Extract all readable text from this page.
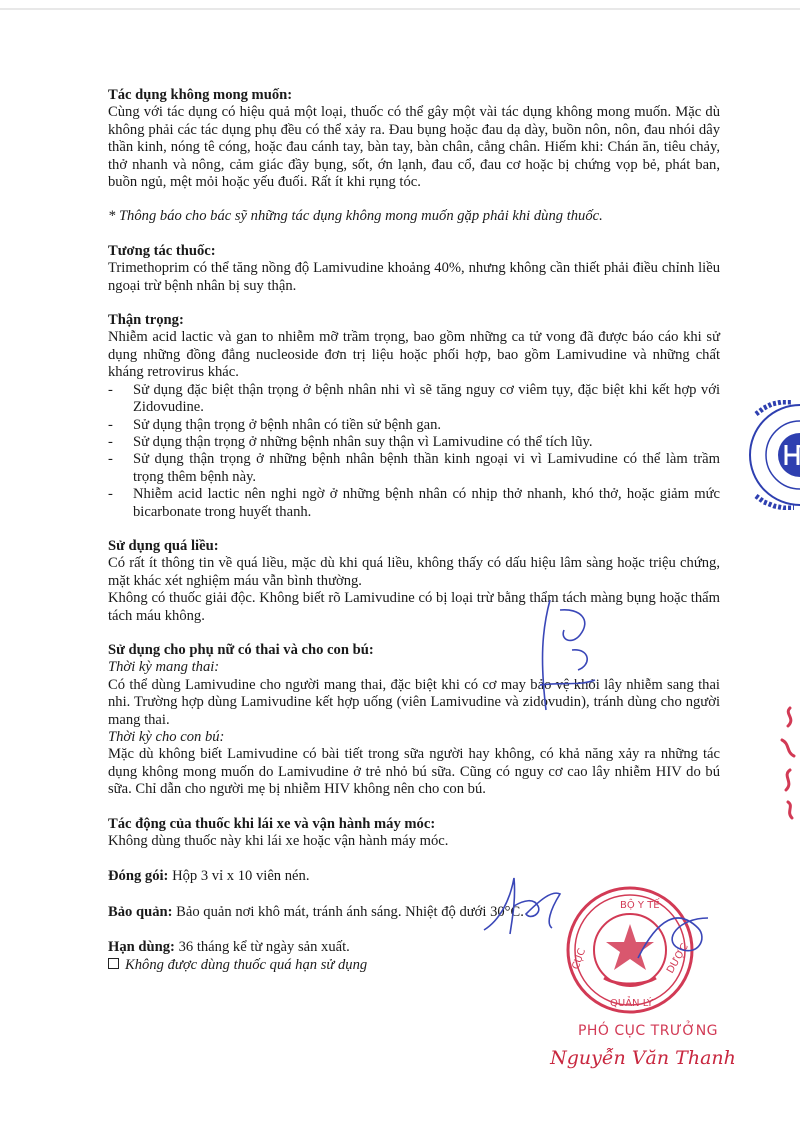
Tác dụng không mong muốn:

Cùng với tác dụng có hiệu quả một loại, thuốc có thể gây một vài tác dụng không mong muốn. Mặc dù không phải các tác dụng phụ đều có thể xảy ra. Đau bụng hoặc đau dạ dày, buồn nôn, nôn, đau nhói dây thần kinh, nóng tê cóng, hoặc đau cánh tay, bàn tay, bàn chân, cẳng chân. Hiếm khi: Chán ăn, tiêu chảy, thở nhanh và nông, cảm giác đầy bụng, sốt, ớn lạnh, đau cổ, đau cơ hoặc bị chứng vọp bẻ, phát ban, buồn ngủ, mệt mỏi hoặc yếu đuối. Rất ít khi rụng tóc.

* Thông báo cho bác sỹ những tác dụng không mong muốn gặp phải khi dùng thuốc.

Tương tác thuốc:

Trimethoprim có thể tăng nồng độ Lamivudine khoảng 40%, nhưng không cần thiết phải điều chỉnh liều ngoại trừ bệnh nhân bị suy thận.

Thận trọng:

Nhiễm acid lactic và gan to nhiễm mỡ trầm trọng, bao gồm những ca tử vong đã được báo cáo khi sử dụng những đồng đẳng nucleoside đơn trị liệu hoặc phối hợp, bao gồm Lamivudine và những chất kháng retrovirus khác.

- Sử dụng đặc biệt thận trọng ở bệnh nhân nhi vì sẽ tăng nguy cơ viêm tụy, đặc biệt khi kết hợp với Zidovudine.
- Sử dụng thận trọng ở bệnh nhân có tiền sử bệnh gan.
- Sử dụng thận trọng ở những bệnh nhân suy thận vì Lamivudine có thể tích lũy.
- Sử dụng thận trọng ở những bệnh nhân bệnh thần kinh ngoại vi vì Lamivudine có thể làm trầm trọng thêm bệnh này.
- Nhiễm acid lactic nên nghi ngờ ở những bệnh nhân có nhịp thở nhanh, khó thở, hoặc giảm mức bicarbonate trong huyết thanh.

Sử dụng quá liều:

Có rất ít thông tin về quá liều, mặc dù khi quá liều, không thấy có dấu hiệu lâm sàng hoặc triệu chứng, mặt khác xét nghiệm máu vẫn bình thường.

Không có thuốc giải độc. Không biết rõ Lamivudine có bị loại trừ bằng thẩm tách màng bụng hoặc thẩm tách máu không.

Sử dụng cho phụ nữ có thai và cho con bú:

Thời kỳ mang thai:

Có thể dùng Lamivudine cho người mang thai, đặc biệt khi có cơ may bảo vệ khỏi lây nhiễm sang thai nhi. Trường hợp dùng Lamivudine kết hợp uống (viên Lamivudine và zidovudin), tránh dùng cho người mang thai.

Thời kỳ cho con bú:

Mặc dù không biết Lamivudine có bài tiết trong sữa người hay không, có khả năng xảy ra những tác dụng không mong muốn do Lamivudine ở trẻ nhỏ bú sữa. Cũng có nguy cơ cao lây nhiễm HIV do bú sữa. Chỉ dẫn cho người mẹ bị nhiễm HIV không nên cho con bú.

Tác động của thuốc khi lái xe và vận hành máy móc:

Không dùng thuốc này khi lái xe hoặc vận hành máy móc.

Đóng gói: Hộp 3 vỉ x 10 viên nén.

Bảo quản: Bảo quản nơi khô mát, tránh ánh sáng. Nhiệt độ dưới 30°C.

Hạn dùng: 36 tháng kể từ ngày sản xuất.

Không được dùng thuốc quá hạn sử dụng

BỘ Y TẾ
CỤC
QUẢN LÝ
DƯỢC
PHÓ CỤC TRƯỞNG
Nguyễn Văn Thanh
